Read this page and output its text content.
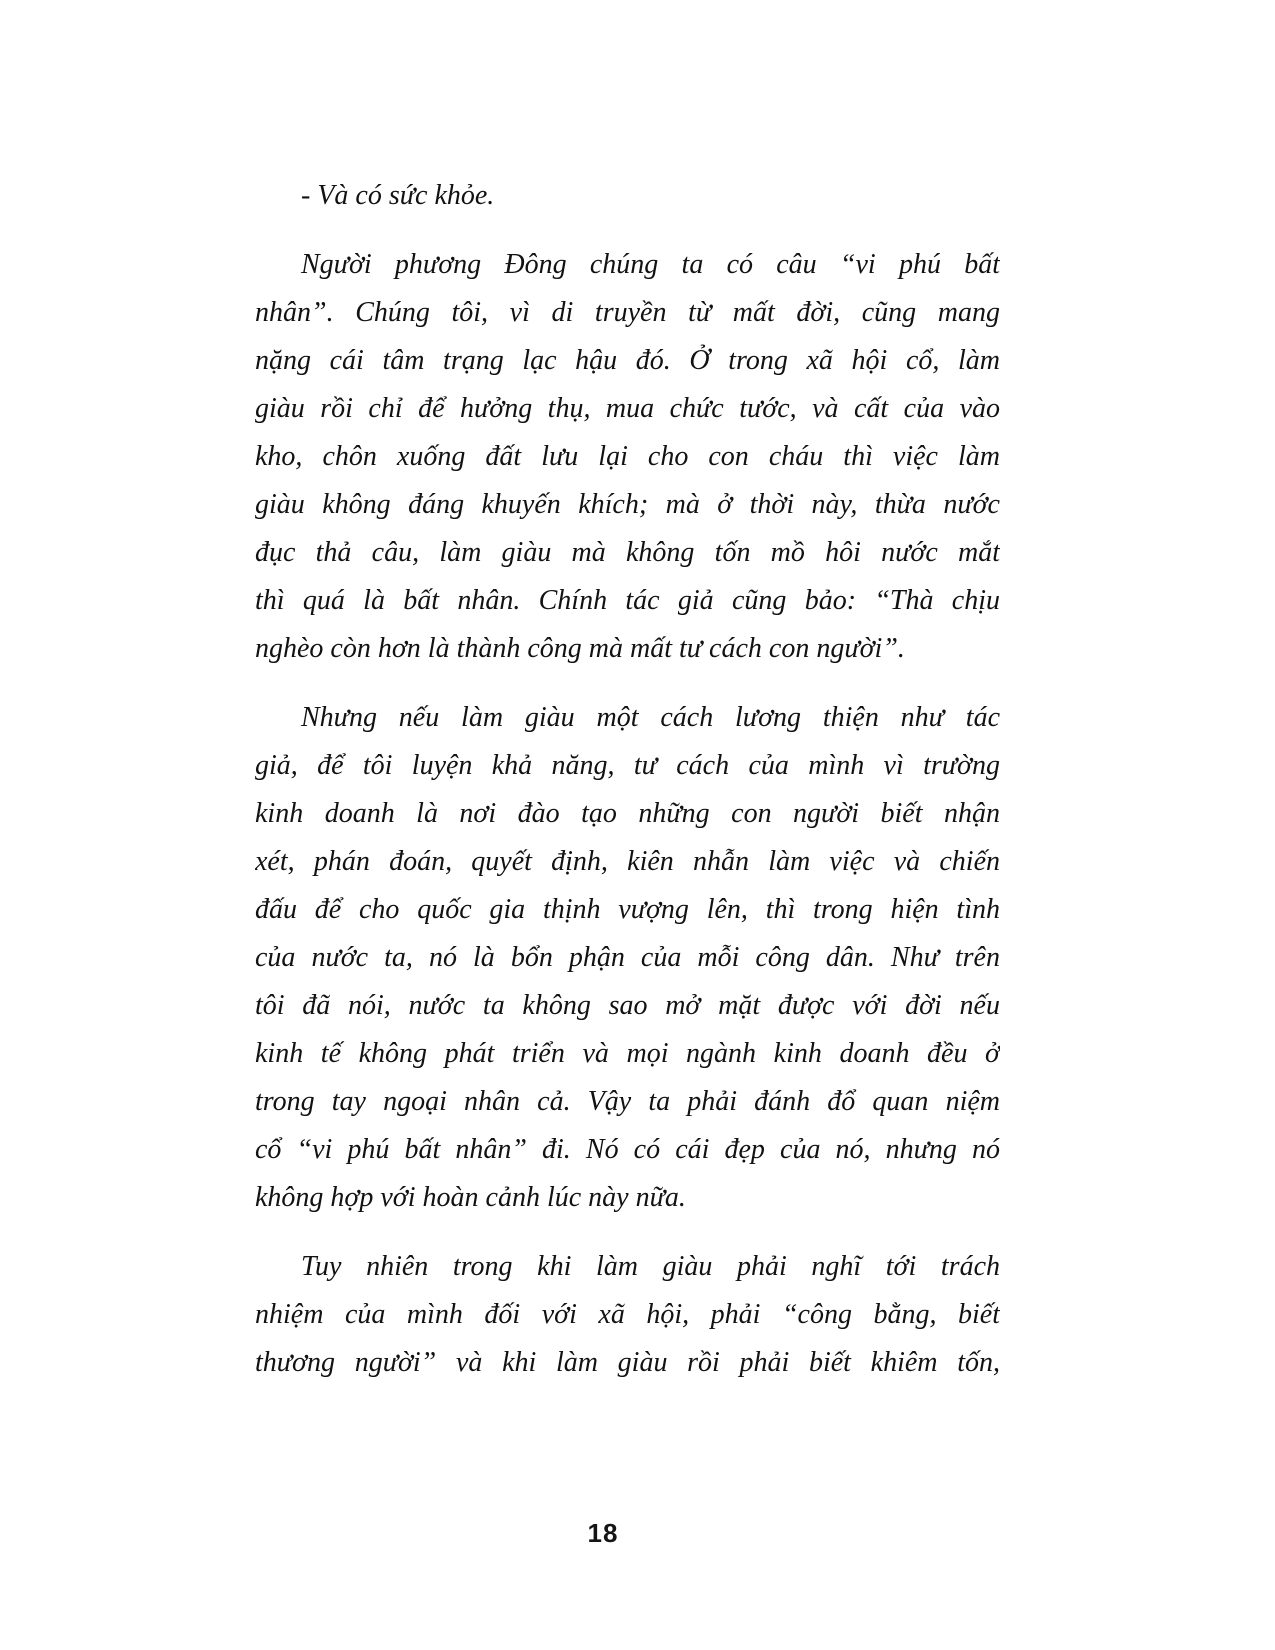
- Và có sức khỏe.
Người phương Đông chúng ta có câu “vi phú bất
nhân”. Chúng tôi, vì di truyền từ mất đời, cũng mang
nặng cái tâm trạng lạc hậu đó. Ở trong xã hội cổ, làm
giàu rồi chỉ để hưởng thụ, mua chức tước, và cất của vào
kho, chôn xuống đất lưu lại cho con cháu thì việc làm
giàu không đáng khuyến khích; mà ở thời này, thừa nước
đục thả câu, làm giàu mà không tốn mồ hôi nước mắt
thì quá là bất nhân. Chính tác giả cũng bảo: “Thà chịu
nghèo còn hơn là thành công mà mất tư cách con người”.
Nhưng nếu làm giàu một cách lương thiện như tác
giả, để tôi luyện khả năng, tư cách của mình vì trường
kinh doanh là nơi đào tạo những con người biết nhận
xét, phán đoán, quyết định, kiên nhẫn làm việc và chiến
đấu để cho quốc gia thịnh vượng lên, thì trong hiện tình
của nước ta, nó là bổn phận của mỗi công dân. Như trên
tôi đã nói, nước ta không sao mở mặt được với đời nếu
kinh tế không phát triển và mọi ngành kinh doanh đều ở
trong tay ngoại nhân cả. Vậy ta phải đánh đổ quan niệm
cổ “vi phú bất nhân” đi. Nó có cái đẹp của nó, nhưng nó
không hợp với hoàn cảnh lúc này nữa.
Tuy nhiên trong khi làm giàu phải nghĩ tới trách
nhiệm của mình đối với xã hội, phải “công bằng, biết
thương người” và khi làm giàu rồi phải biết khiêm tốn,
18
